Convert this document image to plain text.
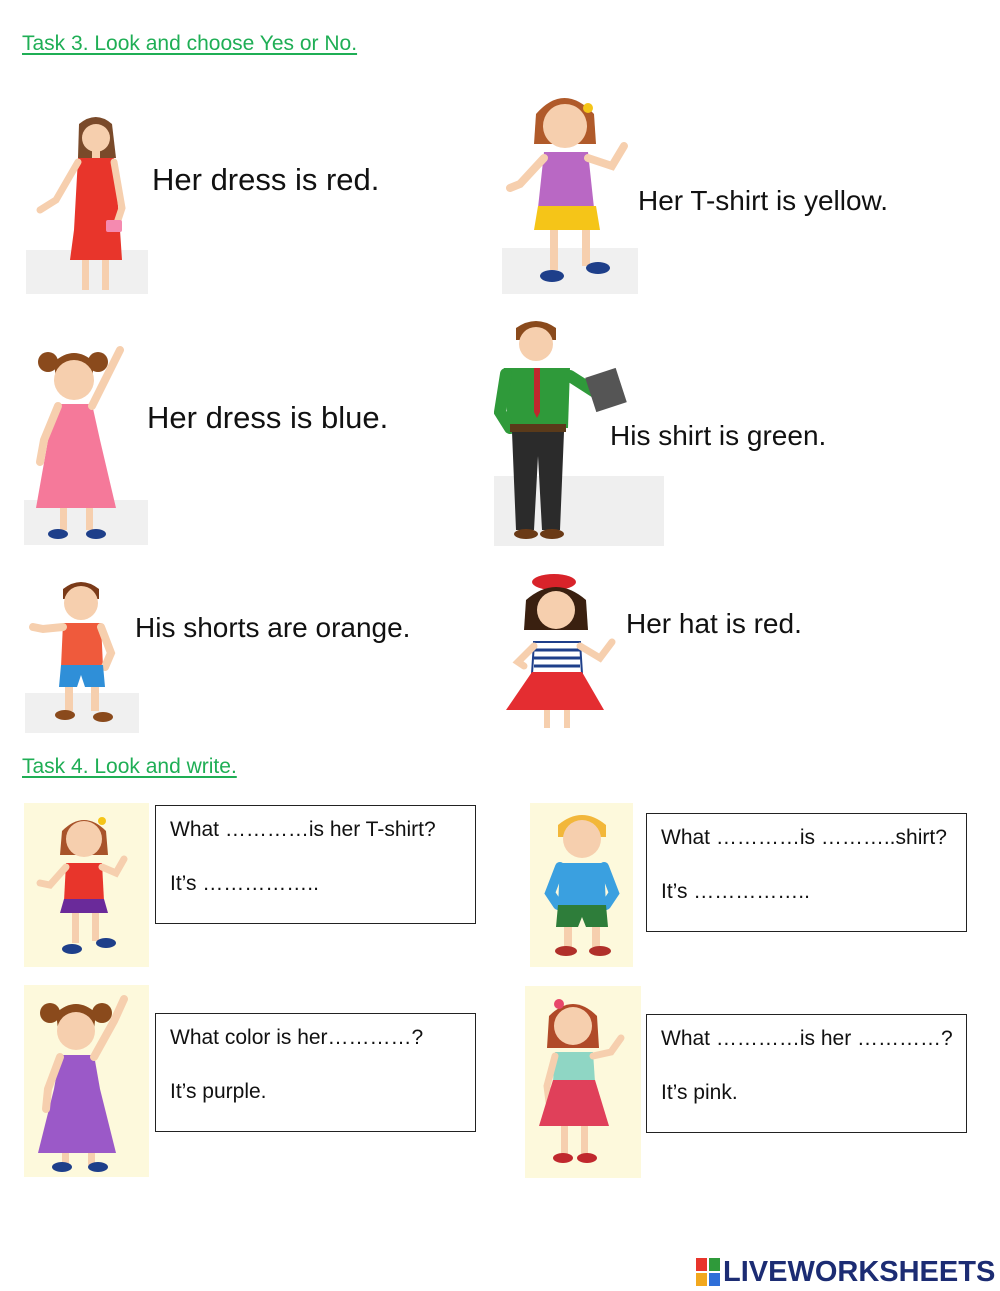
Task 3. Look and choose Yes or No.
Her dress is red.
Her T-shirt is yellow.
Her dress is blue.
His shirt is green.
His shorts are orange.	Her hat is red.
Task 4. Look and write.
What …………is her T-shirt?
It’s ……………..
What …………is ………..shirt?
It’s ……………..
What color is her…………?
It’s purple.
What …………is her …………?
It’s pink.
LIVEWORKSHEETS
